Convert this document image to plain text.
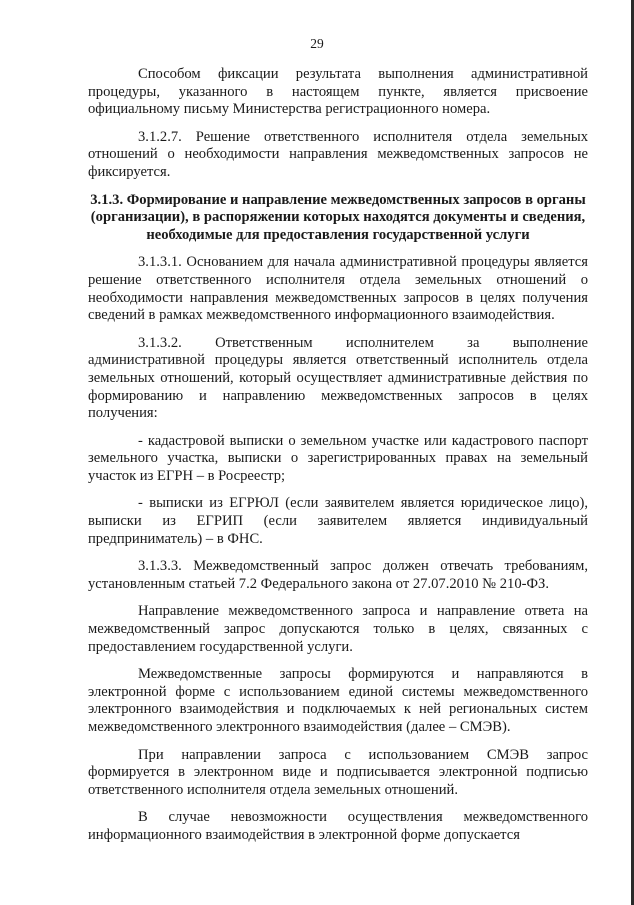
29

Способом фиксации результата выполнения административной процедуры, указанного в настоящем пункте, является присвоение официальному письму Министерства регистрационного номера.

3.1.2.7. Решение ответственного исполнителя отдела земельных отношений о необходимости направления межведомственных запросов не фиксируется.

3.1.3. Формирование и направление межведомственных запросов в органы (организации), в распоряжении которых находятся документы и сведения, необходимые для предоставления государственной услуги

3.1.3.1. Основанием для начала административной процедуры является решение ответственного исполнителя отдела земельных отношений о необходимости направления межведомственных запросов в целях получения сведений в рамках межведомственного информационного взаимодействия.

3.1.3.2. Ответственным исполнителем за выполнение административной процедуры является ответственный исполнитель отдела земельных отношений, который осуществляет административные действия по формированию и направлению межведомственных запросов в целях получения:

- кадастровой выписки о земельном участке или кадастрового паспорт земельного участка, выписки о зарегистрированных правах на земельный участок из ЕГРН – в Росреестр;

- выписки из ЕГРЮЛ (если заявителем является юридическое лицо), выписки из ЕГРИП (если заявителем является индивидуальный предприниматель) – в ФНС.

3.1.3.3. Межведомственный запрос должен отвечать требованиям, установленным статьей 7.2 Федерального закона от 27.07.2010 № 210-ФЗ.

Направление межведомственного запроса и направление ответа на межведомственный запрос допускаются только в целях, связанных с предоставлением государственной услуги.

Межведомственные запросы формируются и направляются в электронной форме с использованием единой системы межведомственного электронного взаимодействия и подключаемых к ней региональных систем межведомственного электронного взаимодействия (далее – СМЭВ).

При направлении запроса с использованием СМЭВ запрос формируется в электронном виде и подписывается электронной подписью ответственного исполнителя отдела земельных отношений.

В случае невозможности осуществления межведомственного информационного взаимодействия в электронной форме допускается
